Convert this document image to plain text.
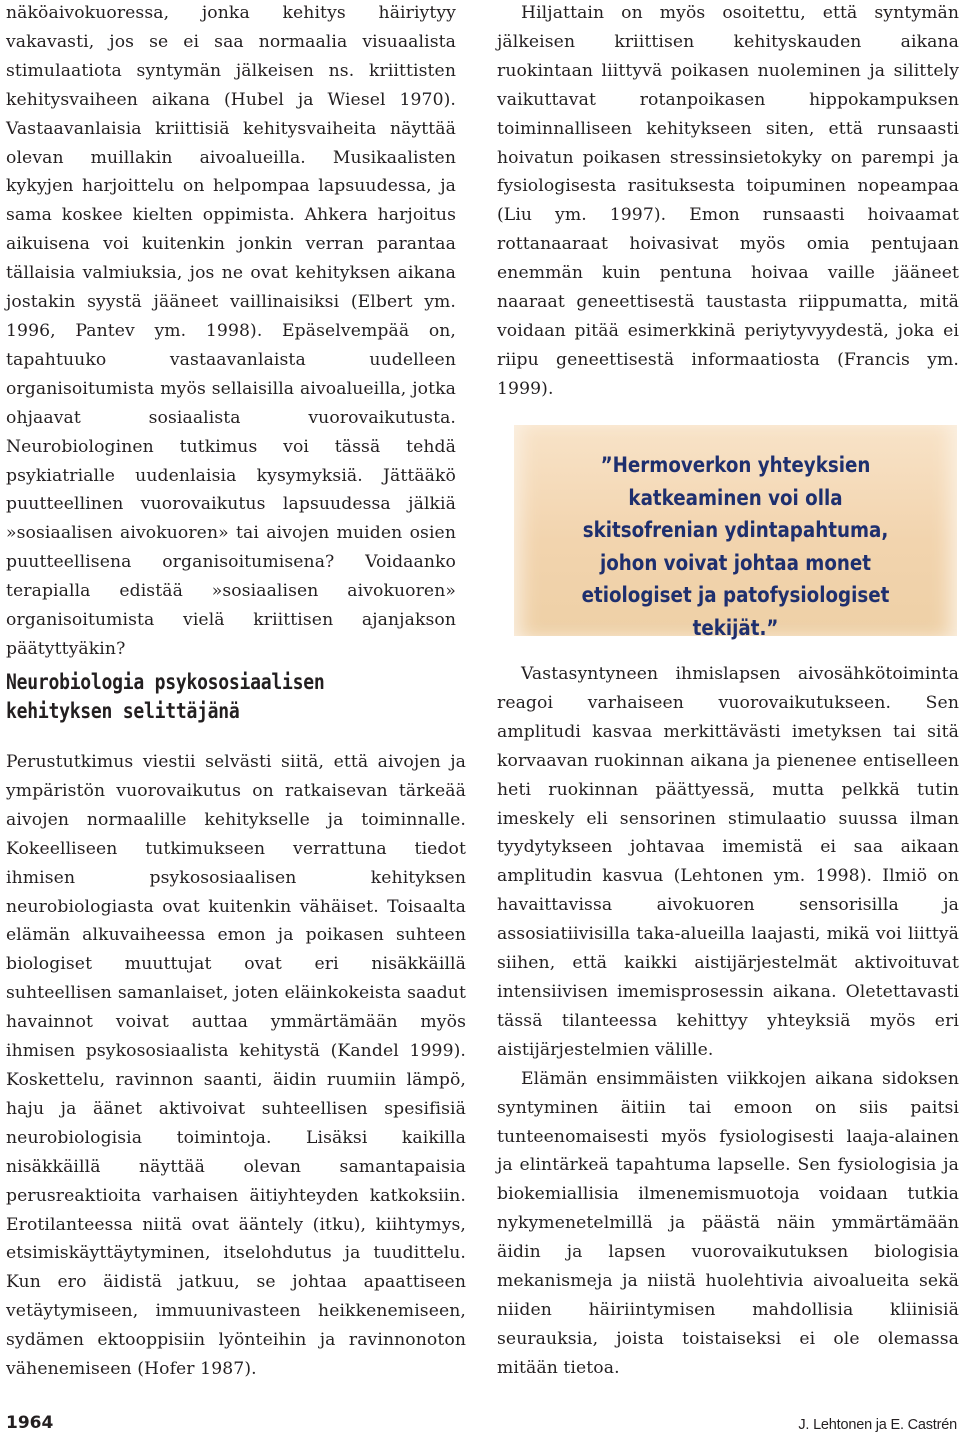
näköaivokuoressa, jonka kehitys häiriytyy vakavasti, jos se ei saa normaalia visuaalista stimulaatiota syntymän jälkeisen ns. kriittisten kehitysvaiheen aikana (Hubel ja Wiesel 1970). Vastaavanlaisia kriittisiä kehitysvaiheita näyttää olevan muillakin aivoalueilla. Musikaalisten kykyjen harjoittelu on helpompaa lapsuudessa, ja sama koskee kielten oppimista. Ahkera harjoitus aikuisena voi kuitenkin jonkin verran parantaa tällaisia valmiuksia, jos ne ovat kehityksen aikana jostakin syystä jääneet vaillinaisiksi (Elbert ym. 1996, Pantev ym. 1998). Epäselvempää on, tapahtuuko vastaavanlaista uudelleen organisoitumista myös sellaisilla aivoalueilla, jotka ohjaavat sosiaalista vuorovaikutusta. Neurobiologinen tutkimus voi tässä tehdä psykiatrialle uudenlaisia kysymyksiä. Jättääkö puutteellinen vuorovaikutus lapsuudessa jälkiä »sosiaalisen aivokuoren» tai aivojen muiden osien puutteellisena organisoitumisena? Voidaanko terapialla edistää »sosiaalisen aivokuoren» organisoitumista vielä kriittisen ajanjakson päätyttyäkin?

Neurobiologia psykososiaalisen
kehityksen selittäjänä

Perustutkimus viestii selvästi siitä, että aivojen ja ympäristön vuorovaikutus on ratkaisevan tärkeää aivojen normaalille kehitykselle ja toiminnalle. Kokeelliseen tutkimukseen verrattuna tiedot ihmisen psykososiaalisen kehityksen neurobiologiasta ovat kuitenkin vähäiset. Toisaalta elämän alkuvaiheessa emon ja poikasen suhteen biologiset muuttujat ovat eri nisäkkäillä suhteellisen samanlaiset, joten eläinkokeista saadut havainnot voivat auttaa ymmärtämään myös ihmisen psykososiaalista kehitystä (Kandel 1999). Koskettelu, ravinnon saanti, äidin ruumiin lämpö, haju ja äänet aktivoivat suhteellisen spesifisiä neurobiologisia toimintoja. Lisäksi kaikilla nisäkkäillä näyttää olevan samantapaisia perusreaktioita varhaisen äitiyhteyden katkoksiin. Erotilanteessa niitä ovat ääntely (itku), kiihtymys, etsimiskäyttäytyminen, itselohdutus ja tuudittelu. Kun ero äidistä jatkuu, se johtaa apaattiseen vetäytymiseen, immuunivasteen heikkenemiseen, sydämen ektooppisiin lyönteihin ja ravinnonoton vähenemiseen (Hofer 1987).

Hiljattain on myös osoitettu, että syntymän jälkeisen kriittisen kehityskauden aikana ruokintaan liittyvä poikasen nuoleminen ja silittely vaikuttavat rotanpoikasen hippokampuksen toiminnalliseen kehitykseen siten, että runsaasti hoivatun poikasen stressinsietokyky on parempi ja fysiologisesta rasituksesta toipuminen nopeampaa (Liu ym. 1997). Emon runsaasti hoivaamat rottanaaraat hoivasivat myös omia pentujaan enemmän kuin pentuna hoivaa vaille jääneet naaraat geneettisestä taustasta riippumatta, mitä voidaan pitää esimerkkinä periytyvyydestä, joka ei riipu geneettisestä informaatiosta (Francis ym. 1999).

”Hermoverkon yhteyksien katkeaminen voi olla skitsofrenian ydintapahtuma, johon voivat johtaa monet etiologiset ja patofysiologiset tekijät.”

Vastasyntyneen ihmislapsen aivosähkötoiminta reagoi varhaiseen vuorovaikutukseen. Sen amplitudi kasvaa merkittävästi imetyksen tai sitä korvaavan ruokinnan aikana ja pienenee entiselleen heti ruokinnan päättyessä, mutta pelkkä tutin imeskely eli sensorinen stimulaatio suussa ilman tyydytykseen johtavaa imemistä ei saa aikaan amplitudin kasvua (Lehtonen ym. 1998). Ilmiö on havaittavissa aivokuoren sensorisilla ja assosiatiivisilla taka-alueilla laajasti, mikä voi liittyä siihen, että kaikki aistijärjestelmät aktivoituvat intensiivisen imemisprosessin aikana. Oletettavasti tässä tilanteessa kehittyy yhteyksiä myös eri aistijärjestelmien välille.

Elämän ensimmäisten viikkojen aikana sidoksen syntyminen äitiin tai emoon on siis paitsi tunteenomaisesti myös fysiologisesti laaja-alainen ja elintärkeä tapahtuma lapselle. Sen fysiologisia ja biokemiallisia ilmenemismuotoja voidaan tutkia nykymenetelmillä ja päästä näin ymmärtämään äidin ja lapsen vuorovaikutuksen biologisia mekanismeja ja niistä huolehtivia aivoalueita sekä niiden häiriintymisen mahdollisia kliinisiä seurauksia, joista toistaiseksi ei ole olemassa mitään tietoa.

1964	J. Lehtonen ja E. Castrén
